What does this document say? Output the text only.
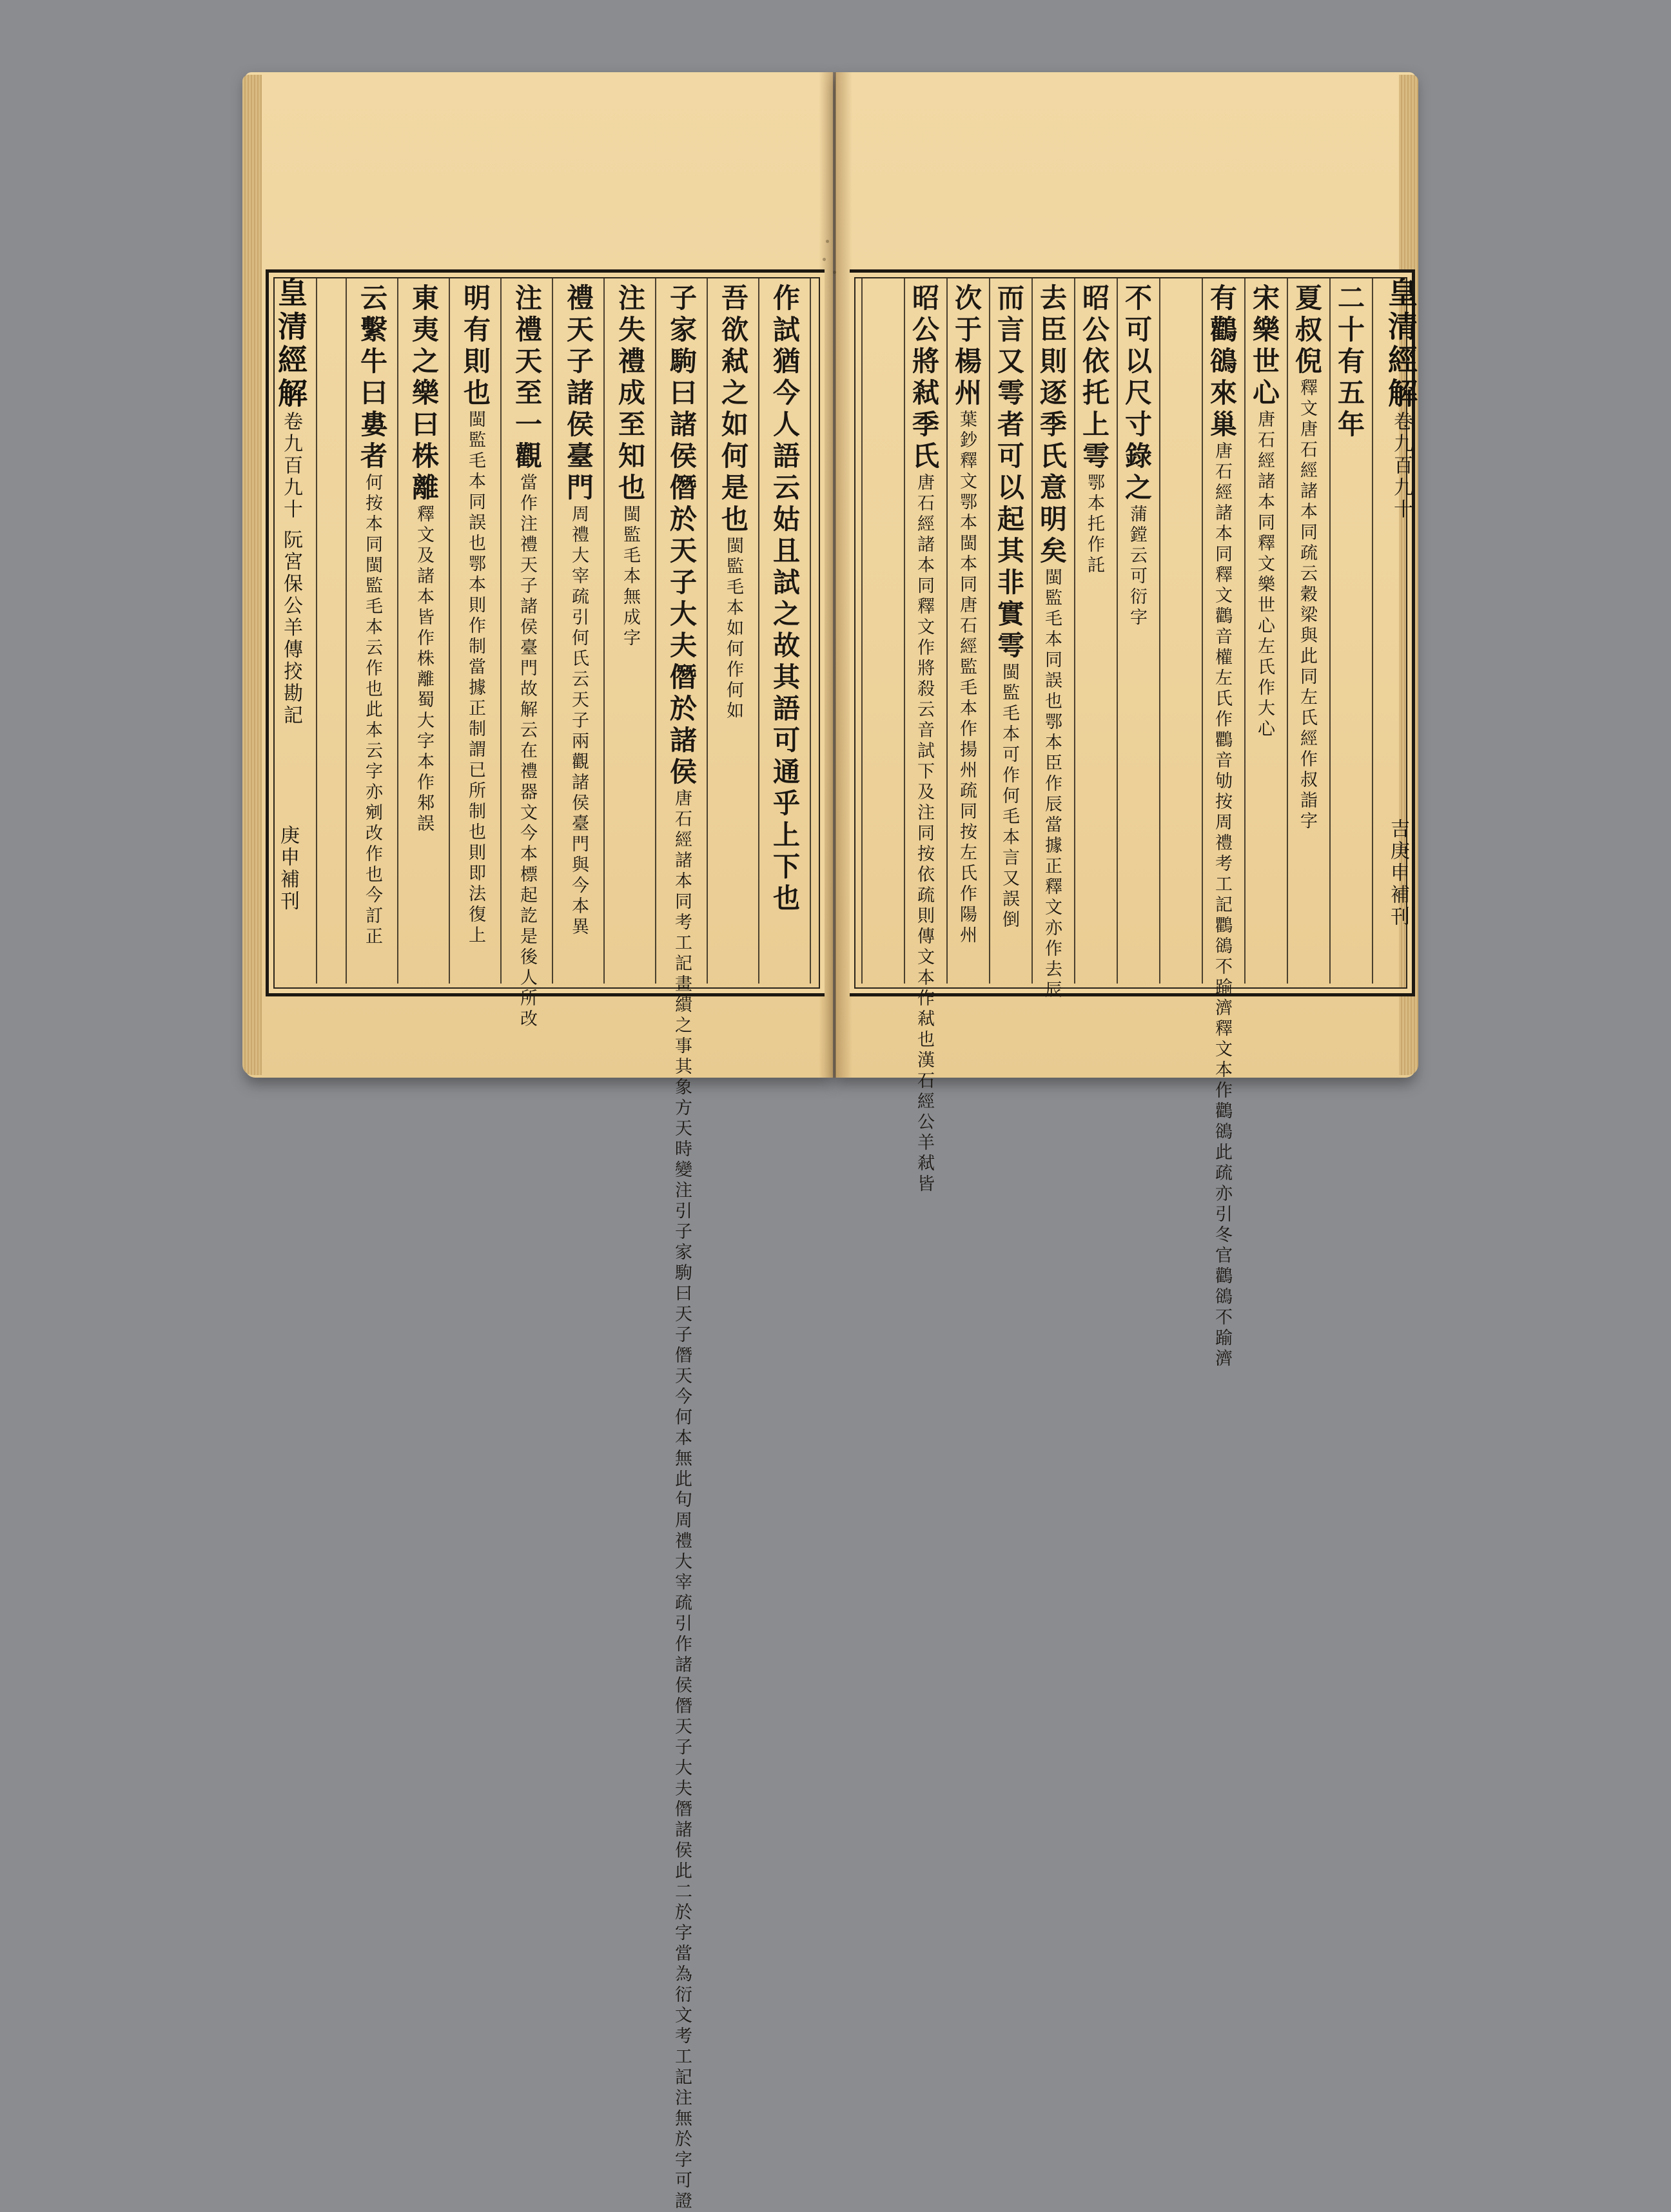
皇清經解卷九百九十
吉庚申補刊
皇清經解卷九百九十 阮宮保公羊傳挍勘記
庚申補刊
二十有五年
夏叔倪釋文唐石經諸本同疏云穀梁與此同左氏經作叔詣字
宋樂世心唐石經諸本同釋文樂世心左氏作大心
有鸛鵒來巢唐石經諸本同釋文鸛音權左氏作鸜音劬按周禮考工記鸜鵒不踰濟釋文本作鸛鵒此疏亦引冬官鸛鵒不踰濟
不可以尺寸錄之蒲鏜云可衍字
昭公依托上雩鄂本托作託
去臣則逐季氏意明矣閩監毛本同誤也鄂本臣作辰當據正釋文亦作去辰
而言又雩者可以起其非實雩閩監毛本可作何毛本言又誤倒
次于楊州葉鈔釋文鄂本閩本同唐石經監毛本作揚州疏同按左氏作陽州
昭公將弒季氏唐石經諸本同釋文作將殺云音試下及注同按依疏則傳文本作弒也漢石經公羊弒皆
作試猶今人語云姑且試之故其語可通乎上下也
吾欲弒之如何是也閩監毛本如何作何如
子家駒曰諸侯僭於天子大夫僭於諸侯唐石經諸本同考工記畫繢之事其象方天時變注引子家駒曰天子僭天今何本無此句周禮大宰疏引作諸侯僭天子大夫僭諸侯此二於字當為衍文考工記注無於字可證
注失禮成至知也閩監毛本無成字
禮天子諸侯臺門周禮大宰疏引何氏云天子兩觀諸侯臺門與今本異
注禮天至一觀當作注禮天子諸侯臺門故解云在禮器文今本標起訖是後人所改
明有則也閩監毛本同誤也鄂本則作制當據正制謂已所制也則即法復上
東夷之樂曰株離釋文及諸本皆作株離蜀大字本作邾誤
云繫牛曰婁者何按本同閩監毛本云作也此本云字亦剜改作也今訂正
